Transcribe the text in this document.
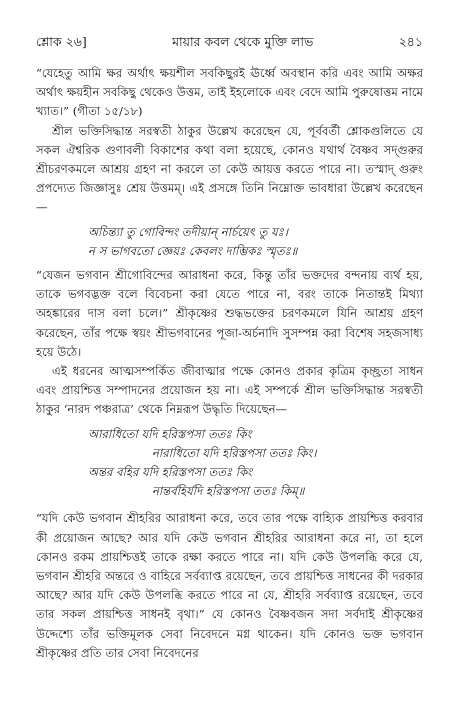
শ্লোক ২৬]	মায়ার কবল থেকে মুক্তি লাভ	২৪১

“যেহেতু আমি ক্ষর অর্থাৎ ক্ষয়শীল সবকিছুরই ঊর্ধ্বে অবস্থান করি এবং আমি অক্ষর অর্থাৎ ক্ষয়হীন সবকিছু থেকেও উত্তম, তাই ইহলোকে এবং বেদে আমি পুরুষোত্তম নামে খ্যাত।” (গীতা ১৫/১৮)

শ্রীল ভক্তিসিদ্ধান্ত সরস্বতী ঠাকুর উল্লেখ করেছেন যে, পূর্ববর্তী শ্লোকগুলিতে যে সকল ঐশ্বরিক গুণাবলী বিকাশের কথা বলা হয়েছে, কোনও যথার্থ বৈষ্ণব সদ্গুরুর শ্রীচরণকমলে আশ্রয় গ্রহণ না করলে তা কেউ আয়ত্ত করতে পারে না। তস্মাদ্ গুরুং প্রপদ্যেত জিজ্ঞাসুঃ শ্রেয় উত্তমম্। এই প্রসঙ্গে তিনি নিম্নোক্ত ভাবধারা উল্লেখ করেছেন—

অচিন্ত্যা তু গোবিন্দং তদীয়ান্ নার্চয়েৎ তু যঃ।

ন স ভাগবতো জ্ঞেয়ঃ কেবলং দাম্ভিকঃ স্মৃতঃ॥

“যেজন ভগবান শ্রীগোবিন্দের আরাধনা করে, কিন্তু তাঁর ভক্তদের বন্দনায় ব্যর্থ হয়, তাকে ভগবদ্ভক্ত বলে বিবেচনা করা যেতে পারে না, বরং তাকে নিতান্তই মিথ্যা অহঙ্কারের দাস বলা চলে।” শ্রীকৃষ্ণের শুদ্ধভক্তের চরণকমলে যিনি আশ্রয় গ্রহণ করেছেন, তাঁর পক্ষে স্বয়ং শ্রীভগবানের পূজা-অর্চনাদি সুসম্পন্ন করা বিশেষ সহজসাধ্য হয়ে উঠে।

এই ধরনের আত্মসম্পর্কিত জীবাত্মার পক্ষে কোনও প্রকার কৃত্রিম কৃচ্ছ্রতা সাধন এবং প্রায়শ্চিত্ত সম্পাদনের প্রয়োজন হয় না। এই সম্পর্কে শ্রীল ভক্তিসিদ্ধান্ত সরস্বতী ঠাকুর ‘নারদ পঞ্চরাত্র’ থেকে নিম্নরূপ উদ্ধৃতি দিয়েছেন—

আরাধিতো যদি হরিস্তপসা ততঃ কিং

নারাধিতো যদি হরিস্তপসা ততঃ কিং।

অন্তর বহির যদি হরিস্তপসা ততঃ কিং

নান্তর্বহির্যদি হরিস্তপসা ততঃ কিম্॥

“যদি কেউ ভগবান শ্রীহরির আরাধনা করে, তবে তার পক্ষে বাহ্যিক প্রায়শ্চিত্ত করবার কী প্রয়োজন আছে? আর যদি কেউ ভগবান শ্রীহরির আরাধনা করে না, তা হলে কোনও রকম প্রায়শ্চিত্তই তাকে রক্ষা করতে পারে না। যদি কেউ উপলব্ধি করে যে, ভগবান শ্রীহরি অন্তরে ও বাহিরে সর্বব্যাপ্ত রয়েছেন, তবে প্রায়শ্চিত্ত সাধনের কী দরকার আছে? আর যদি কেউ উপলব্ধি করতে পারে না যে, শ্রীহরি সর্বব্যাপ্ত রয়েছেন, তবে তার সকল প্রায়শ্চিত্ত সাধনই বৃথা।” যে কোনও বৈষ্ণবজন সদা সর্বদাই শ্রীকৃষ্ণের উদ্দেশ্যে তাঁর ভক্তিমূলক সেবা নিবেদনে মগ্ন থাকেন। যদি কোনও ভক্ত ভগবান শ্রীকৃষ্ণের প্রতি তার সেবা নিবেদনের
